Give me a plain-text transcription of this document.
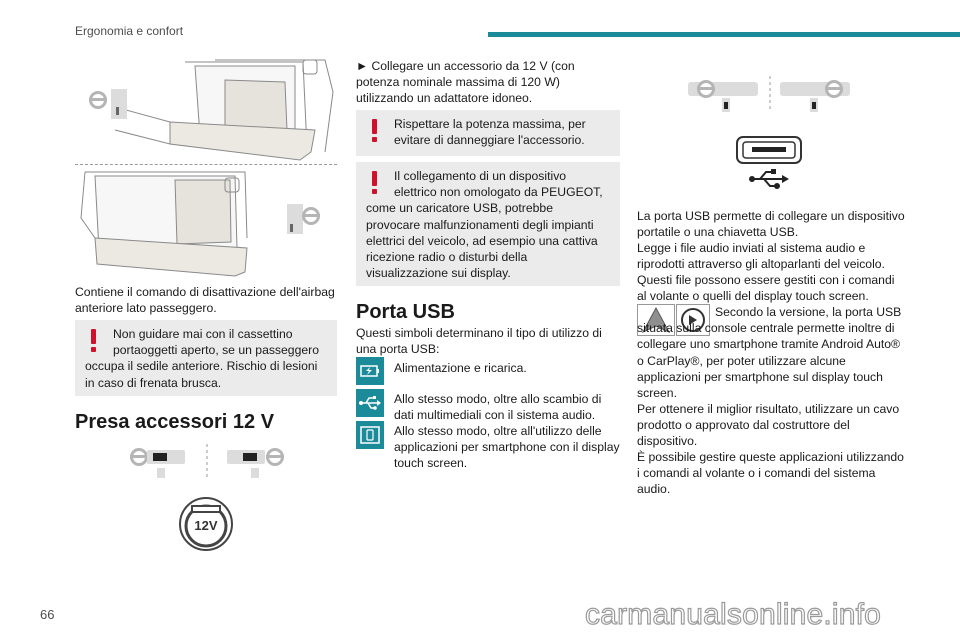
Ergonomia e confort

Contiene il comando di disattivazione dell'airbag anteriore lato passeggero.

Non guidare mai con il cassettino portaoggetti aperto, se un passeggero occupa il sedile anteriore. Rischio di lesioni in caso di frenata brusca.
Presa accessori 12 V
12V

► Collegare un accessorio da 12 V (con potenza nominale massima di 120 W) utilizzando un adattatore idoneo.

Rispettare la potenza massima, per evitare di danneggiare l'accessorio.
Il collegamento di un dispositivo elettrico non omologato da PEUGEOT, come un caricatore USB, potrebbe provocare malfunzionamenti degli impianti elettrici del veicolo, ad esempio una cattiva ricezione radio o disturbi della visualizzazione sui display.
Porta USB

Questi simboli determinano il tipo di utilizzo di una porta USB:

Alimentazione e ricarica.

Allo stesso modo, oltre allo scambio di dati multimediali con il sistema audio.

Allo stesso modo, oltre all'utilizzo delle applicazioni per smartphone con il display touch screen.

La porta USB permette di collegare un dispositivo portatile o una chiavetta USB.

Legge i file audio inviati al sistema audio e riprodotti attraverso gli altoparlanti del veicolo.

Questi file possono essere gestiti con i comandi al volante o quelli del display touch screen.

Secondo la versione, la porta USB situata sulla console centrale permette inoltre di collegare uno smartphone tramite Android Auto® o CarPlay®, per poter utilizzare alcune applicazioni per smartphone sul display touch screen.

Per ottenere il miglior risultato, utilizzare un cavo prodotto o approvato dal costruttore del dispositivo.

È possibile gestire queste applicazioni utilizzando i comandi al volante o i comandi del sistema audio.

66	carmanualsonline.info
